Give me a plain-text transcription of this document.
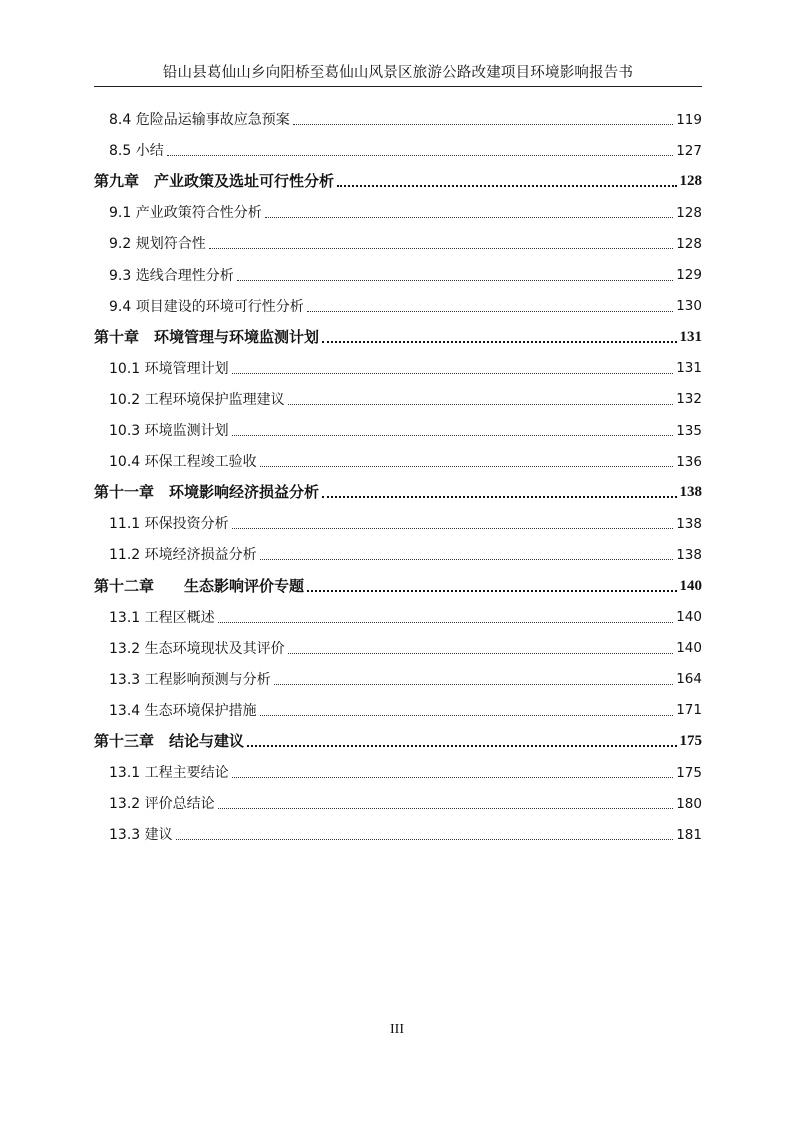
铅山县葛仙山乡向阳桥至葛仙山风景区旅游公路改建项目环境影响报告书
8.4 危险品运输事故应急预案	119
8.5 小结	127
第九章　产业政策及选址可行性分析	128
9.1 产业政策符合性分析	128
9.2 规划符合性	128
9.3 选线合理性分析	129
9.4 项目建设的环境可行性分析	130
第十章　环境管理与环境监测计划	131
10.1 环境管理计划	131
10.2 工程环境保护监理建议	132
10.3 环境监测计划	135
10.4 环保工程竣工验收	136
第十一章　环境影响经济损益分析	138
11.1 环保投资分析	138
11.2 环境经济损益分析	138
第十二章　　生态影响评价专题	140
13.1 工程区概述	140
13.2 生态环境现状及其评价	140
13.3 工程影响预测与分析	164
13.4 生态环境保护措施	171
第十三章　结论与建议	175
13.1 工程主要结论	175
13.2 评价总结论	180
13.3 建议	181
III
